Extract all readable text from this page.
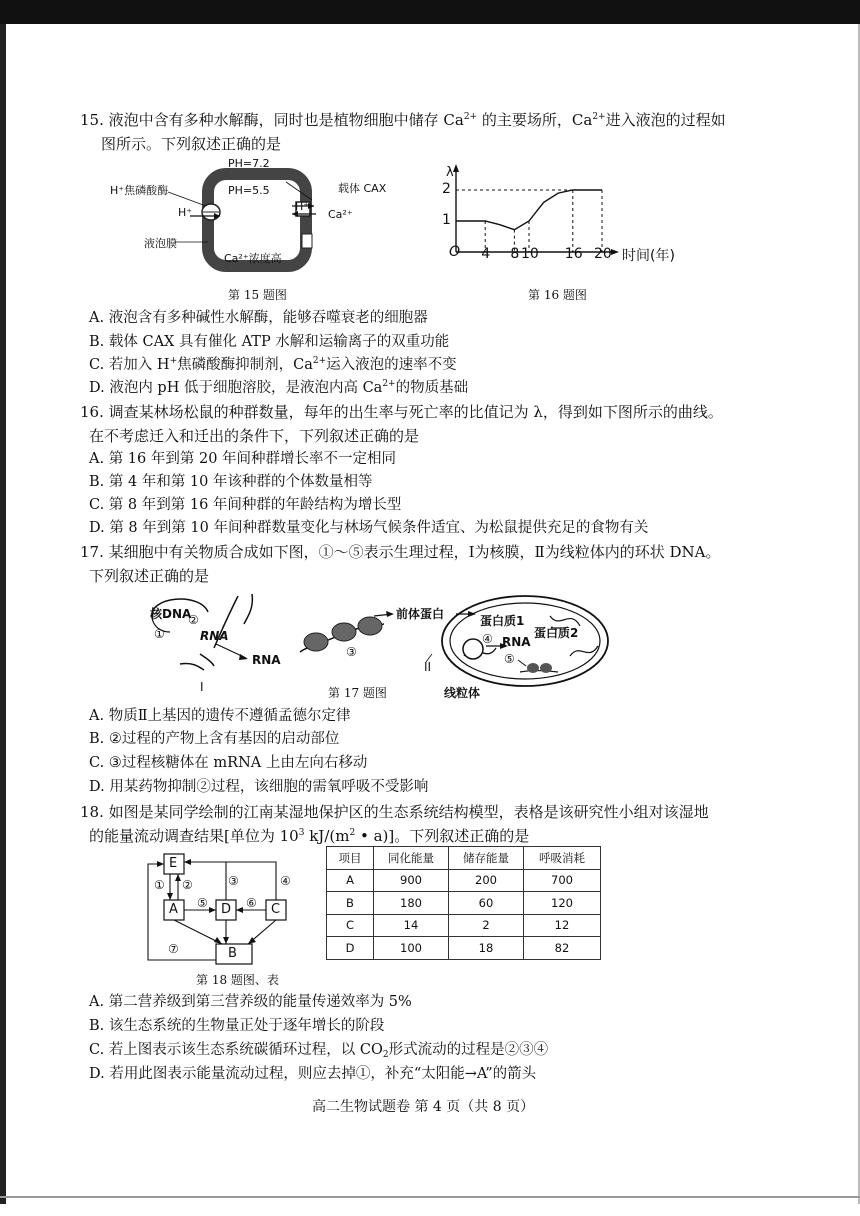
15. 液泡中含有多种水解酶，同时也是植物细胞中储存 $Ca^{2+}$ 的主要场所，$Ca^{2+}$进入液泡的过程如
图所示。下列叙述正确的是
PH=7.2
PH=5.5
H⁺焦磷酸酶	载体 CAX
H⁺	H⁺
Ca²⁺
液泡膜
Ca²⁺浓度高
第 15 题图
λ
2
1
O 4 8 10 16 20 时间(年)
第 16 题图
A. 液泡含有多种碱性水解酶，能够吞噬衰老的细胞器
B. 载体 CAX 具有催化 ATP 水解和运输离子的双重功能
C. 若加入 H+焦磷酸酶抑制剂，$Ca^{2+}$运入液泡的速率不变
D. 液泡内 pH 低于细胞溶胶，是液泡内高 $Ca^{2+}$的物质基础
16. 调查某林场松鼠的种群数量，每年的出生率与死亡率的比值记为 λ，得到如下图所示的曲线。
在不考虑迁入和迁出的条件下，下列叙述正确的是
A. 第 16 年到第 20 年间种群增长率不一定相同
B. 第 4 年和第 10 年该种群的个体数量相等
C. 第 8 年到第 16 年间种群的年龄结构为增长型
D. 第 8 年到第 10 年间种群数量变化与林场气候条件适宜、为松鼠提供充足的食物有关
17. 某细胞中有关物质合成如下图，①～⑤表示生理过程，Ⅰ为核膜，Ⅱ为线粒体内的环状 DNA。
下列叙述正确的是
核DNA
①
②
RNA
RNA
③
前体蛋白	蛋白质1
④ RNA
蛋白质2
⑤
I
II
线粒体
第 17 题图
A. 物质Ⅱ上基因的遗传不遵循孟德尔定律
B. ②过程的产物上含有基因的启动部位
C. ③过程核糖体在 mRNA 上由左向右移动
D. 用某药物抑制②过程，该细胞的需氧呼吸不受影响
18. 如图是某同学绘制的江南某湿地保护区的生态系统结构模型，表格是该研究性小组对该湿地
的能量流动调查结果[单位为 $10^3$ $kJ/(m^2$ • a)]。下列叙述正确的是
E
A	D	C
B
① ②	③	④
⑤	⑥
⑦
第 18 题图、表
项目	同化能量	储存能量	呼吸消耗
A	900	200	700
B	180	60	120
C	14	2	12
D	100	18	82
A. 第二营养级到第三营养级的能量传递效率为 5%
B. 该生态系统的生物量正处于逐年增长的阶段
C. 若上图表示该生态系统碳循环过程，以 $CO_2$形式流动的过程是②③④
D. 若用此图表示能量流动过程，则应去掉①，补充“太阳能→A”的箭头
高二生物试题卷 第 4 页（共 8 页）
